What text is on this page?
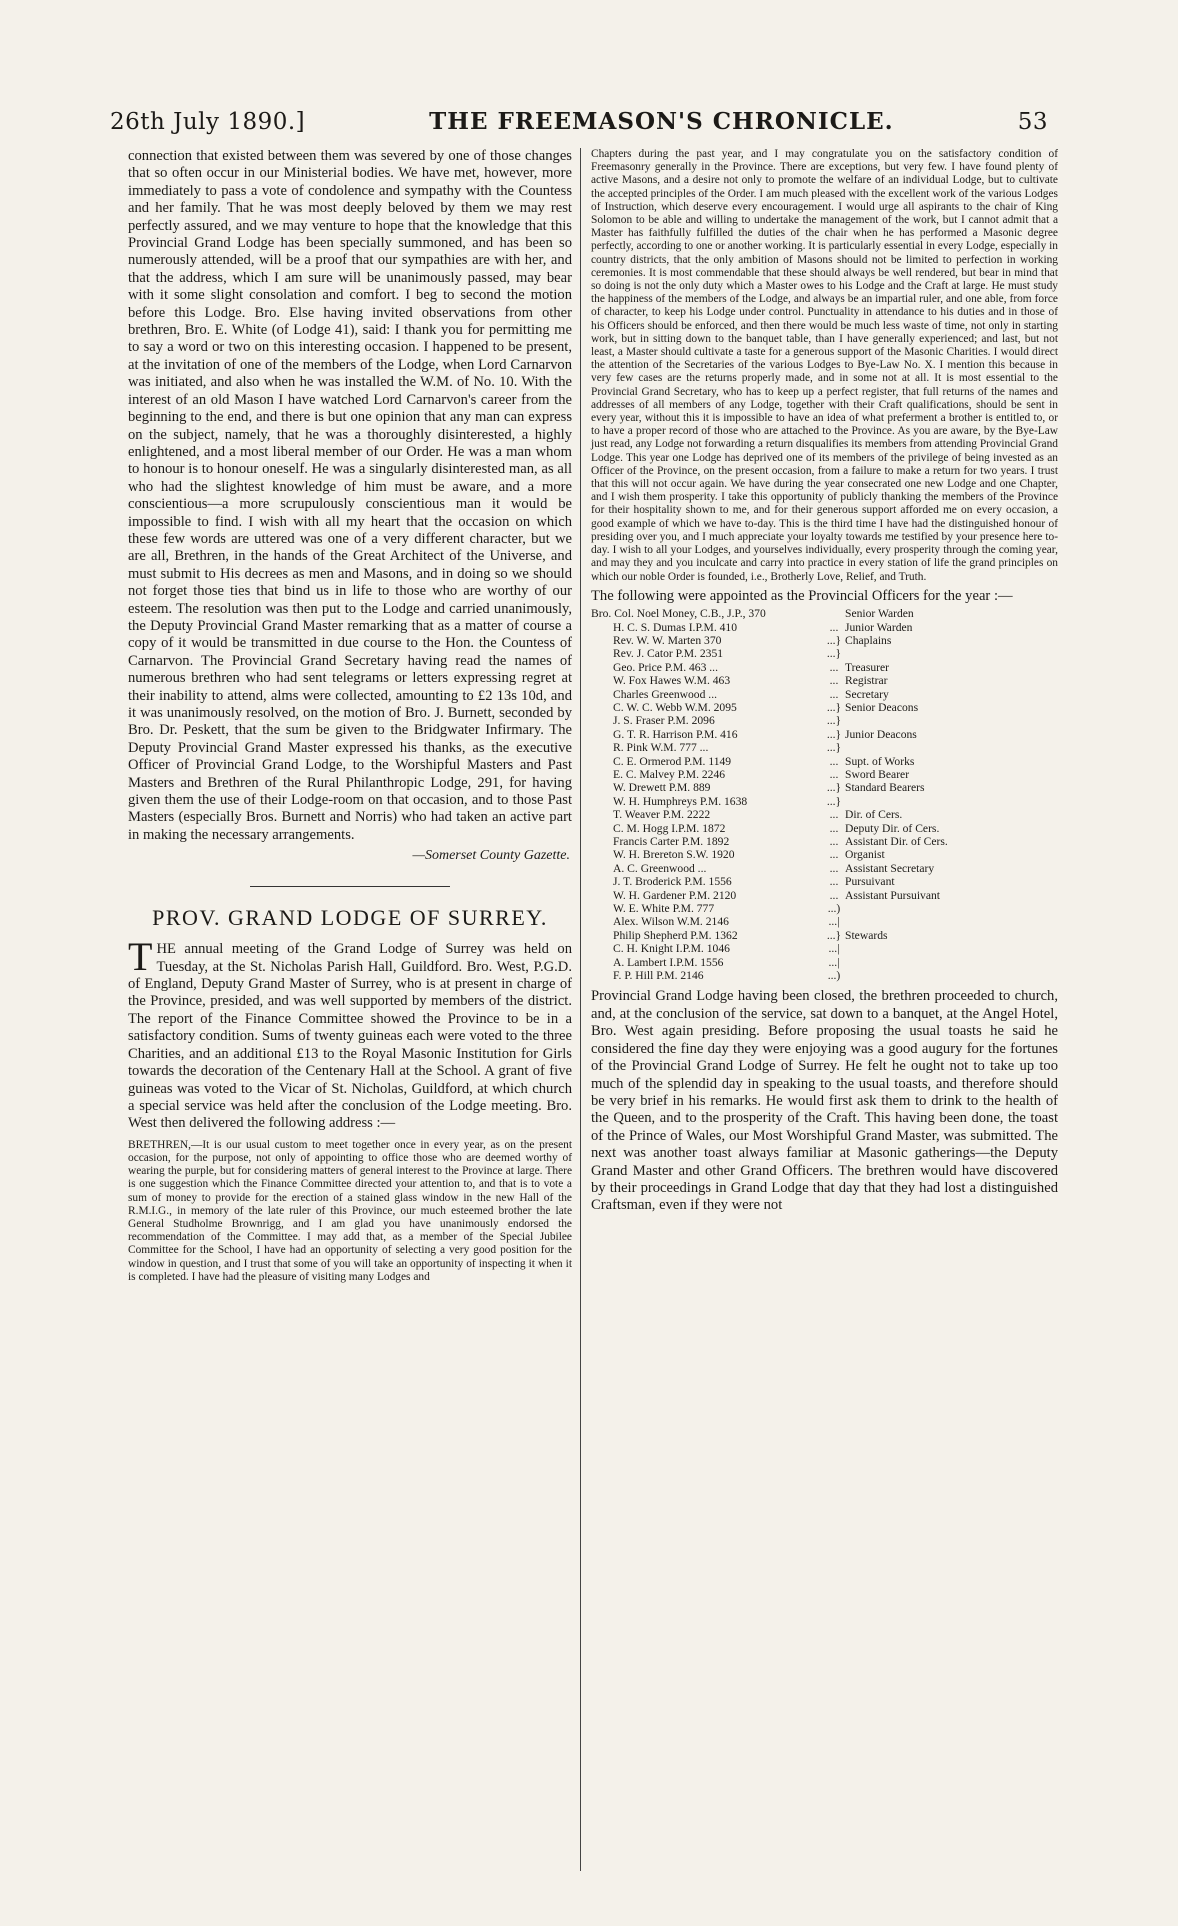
26th July 1890.]	THE FREEMASON'S CHRONICLE.	53

connection that existed between them was severed by one of those changes that so often occur in our Ministerial bodies. We have met, however, more immediately to pass a vote of condolence and sympathy with the Countess and her family. That he was most deeply beloved by them we may rest perfectly assured, and we may venture to hope that the knowledge that this Provincial Grand Lodge has been specially summoned, and has been so numerously attended, will be a proof that our sympathies are with her, and that the address, which I am sure will be unanimously passed, may bear with it some slight consolation and comfort. I beg to second the motion before this Lodge. Bro. Else having invited observations from other brethren, Bro. E. White (of Lodge 41), said: I thank you for permitting me to say a word or two on this interesting occasion. I happened to be present, at the invitation of one of the members of the Lodge, when Lord Carnarvon was initiated, and also when he was installed the W.M. of No. 10. With the interest of an old Mason I have watched Lord Carnarvon's career from the beginning to the end, and there is but one opinion that any man can express on the subject, namely, that he was a thoroughly disinterested, a highly enlightened, and a most liberal member of our Order. He was a man whom to honour is to honour oneself. He was a singularly disinterested man, as all who had the slightest knowledge of him must be aware, and a more conscientious—a more scrupulously conscientious man it would be impossible to find. I wish with all my heart that the occasion on which these few words are uttered was one of a very different character, but we are all, Brethren, in the hands of the Great Architect of the Universe, and must submit to His decrees as men and Masons, and in doing so we should not forget those ties that bind us in life to those who are worthy of our esteem. The resolution was then put to the Lodge and carried unanimously, the Deputy Provincial Grand Master remarking that as a matter of course a copy of it would be transmitted in due course to the Hon. the Countess of Carnarvon. The Provincial Grand Secretary having read the names of numerous brethren who had sent telegrams or letters expressing regret at their inability to attend, alms were collected, amounting to £2 13s 10d, and it was unanimously resolved, on the motion of Bro. J. Burnett, seconded by Bro. Dr. Peskett, that the sum be given to the Bridgwater Infirmary. The Deputy Provincial Grand Master expressed his thanks, as the executive Officer of Provincial Grand Lodge, to the Worshipful Masters and Past Masters and Brethren of the Rural Philanthropic Lodge, 291, for having given them the use of their Lodge-room on that occasion, and to those Past Masters (especially Bros. Burnett and Norris) who had taken an active part in making the necessary arrangements.

—Somerset County Gazette.

PROV. GRAND LODGE OF SURREY.

THE annual meeting of the Grand Lodge of Surrey was held on Tuesday, at the St. Nicholas Parish Hall, Guildford. Bro. West, P.G.D. of England, Deputy Grand Master of Surrey, who is at present in charge of the Province, presided, and was well supported by members of the district. The report of the Finance Committee showed the Province to be in a satisfactory condition. Sums of twenty guineas each were voted to the three Charities, and an additional £13 to the Royal Masonic Institution for Girls towards the decoration of the Centenary Hall at the School. A grant of five guineas was voted to the Vicar of St. Nicholas, Guildford, at which church a special service was held after the conclusion of the Lodge meeting. Bro. West then delivered the following address :—

BRETHREN,—It is our usual custom to meet together once in every year, as on the present occasion, for the purpose, not only of appointing to office those who are deemed worthy of wearing the purple, but for considering matters of general interest to the Province at large. There is one suggestion which the Finance Committee directed your attention to, and that is to vote a sum of money to provide for the erection of a stained glass window in the new Hall of the R.M.I.G., in memory of the late ruler of this Province, our much esteemed brother the late General Studholme Brownrigg, and I am glad you have unanimously endorsed the recommendation of the Committee. I may add that, as a member of the Special Jubilee Committee for the School, I have had an opportunity of selecting a very good position for the window in question, and I trust that some of you will take an opportunity of inspecting it when it is completed. I have had the pleasure of visiting many Lodges and

Chapters during the past year, and I may congratulate you on the satisfactory condition of Freemasonry generally in the Province. There are exceptions, but very few. I have found plenty of active Masons, and a desire not only to promote the welfare of an individual Lodge, but to cultivate the accepted principles of the Order. I am much pleased with the excellent work of the various Lodges of Instruction, which deserve every encouragement. I would urge all aspirants to the chair of King Solomon to be able and willing to undertake the management of the work, but I cannot admit that a Master has faithfully fulfilled the duties of the chair when he has performed a Masonic degree perfectly, according to one or another working. It is particularly essential in every Lodge, especially in country districts, that the only ambition of Masons should not be limited to perfection in working ceremonies. It is most commendable that these should always be well rendered, but bear in mind that so doing is not the only duty which a Master owes to his Lodge and the Craft at large. He must study the happiness of the members of the Lodge, and always be an impartial ruler, and one able, from force of character, to keep his Lodge under control. Punctuality in attendance to his duties and in those of his Officers should be enforced, and then there would be much less waste of time, not only in starting work, but in sitting down to the banquet table, than I have generally experienced; and last, but not least, a Master should cultivate a taste for a generous support of the Masonic Charities. I would direct the attention of the Secretaries of the various Lodges to Bye-Law No. X. I mention this because in very few cases are the returns properly made, and in some not at all. It is most essential to the Provincial Grand Secretary, who has to keep up a perfect register, that full returns of the names and addresses of all members of any Lodge, together with their Craft qualifications, should be sent in every year, without this it is impossible to have an idea of what preferment a brother is entitled to, or to have a proper record of those who are attached to the Province. As you are aware, by the Bye-Law just read, any Lodge not forwarding a return disqualifies its members from attending Provincial Grand Lodge. This year one Lodge has deprived one of its members of the privilege of being invested as an Officer of the Province, on the present occasion, from a failure to make a return for two years. I trust that this will not occur again. We have during the year consecrated one new Lodge and one Chapter, and I wish them prosperity. I take this opportunity of publicly thanking the members of the Province for their hospitality shown to me, and for their generous support afforded me on every occasion, a good example of which we have to-day. This is the third time I have had the distinguished honour of presiding over you, and I much appreciate your loyalty towards me testified by your presence here to-day. I wish to all your Lodges, and yourselves individually, every prosperity through the coming year, and may they and you inculcate and carry into practice in every station of life the grand principles on which our noble Order is founded, i.e., Brotherly Love, Relief, and Truth.

The following were appointed as the Provincial Officers for the year :—

Bro. Col. Noel Money, C.B., J.P., 370		Senior Warden
H. C. S. Dumas I.P.M. 410	...	Junior Warden
Rev. W. W. Marten 370	...}	Chaplains
Rev. J. Cator P.M. 2351	...}	
Geo. Price P.M. 463 ...	...	Treasurer
W. Fox Hawes W.M. 463	...	Registrar
Charles Greenwood ...	...	Secretary
C. W. C. Webb W.M. 2095	...}	Senior Deacons
J. S. Fraser P.M. 2096	...}	
G. T. R. Harrison P.M. 416	...}	Junior Deacons
R. Pink W.M. 777 ...	...}	
C. E. Ormerod P.M. 1149	...	Supt. of Works
E. C. Malvey P.M. 2246	...	Sword Bearer
W. Drewett P.M. 889	...}	Standard Bearers
W. H. Humphreys P.M. 1638	...}	
T. Weaver P.M. 2222	...	Dir. of Cers.
C. M. Hogg I.P.M. 1872	...	Deputy Dir. of Cers.
Francis Carter P.M. 1892	...	Assistant Dir. of Cers.
W. H. Brereton S.W. 1920	...	Organist
A. C. Greenwood ...	...	Assistant Secretary
J. T. Broderick P.M. 1556	...	Pursuivant
W. H. Gardener P.M. 2120	...	Assistant Pursuivant
W. E. White P.M. 777	...)	
Alex. Wilson W.M. 2146	...|	
Philip Shepherd P.M. 1362	...}	Stewards
C. H. Knight I.P.M. 1046	...|	
A. Lambert I.P.M. 1556	...|	
F. P. Hill P.M. 2146	...)	

Provincial Grand Lodge having been closed, the brethren proceeded to church, and, at the conclusion of the service, sat down to a banquet, at the Angel Hotel, Bro. West again presiding. Before proposing the usual toasts he said he considered the fine day they were enjoying was a good augury for the fortunes of the Provincial Grand Lodge of Surrey. He felt he ought not to take up too much of the splendid day in speaking to the usual toasts, and therefore should be very brief in his remarks. He would first ask them to drink to the health of the Queen, and to the prosperity of the Craft. This having been done, the toast of the Prince of Wales, our Most Worshipful Grand Master, was submitted. The next was another toast always familiar at Masonic gatherings—the Deputy Grand Master and other Grand Officers. The brethren would have discovered by their proceedings in Grand Lodge that day that they had lost a distinguished Craftsman, even if they were not
